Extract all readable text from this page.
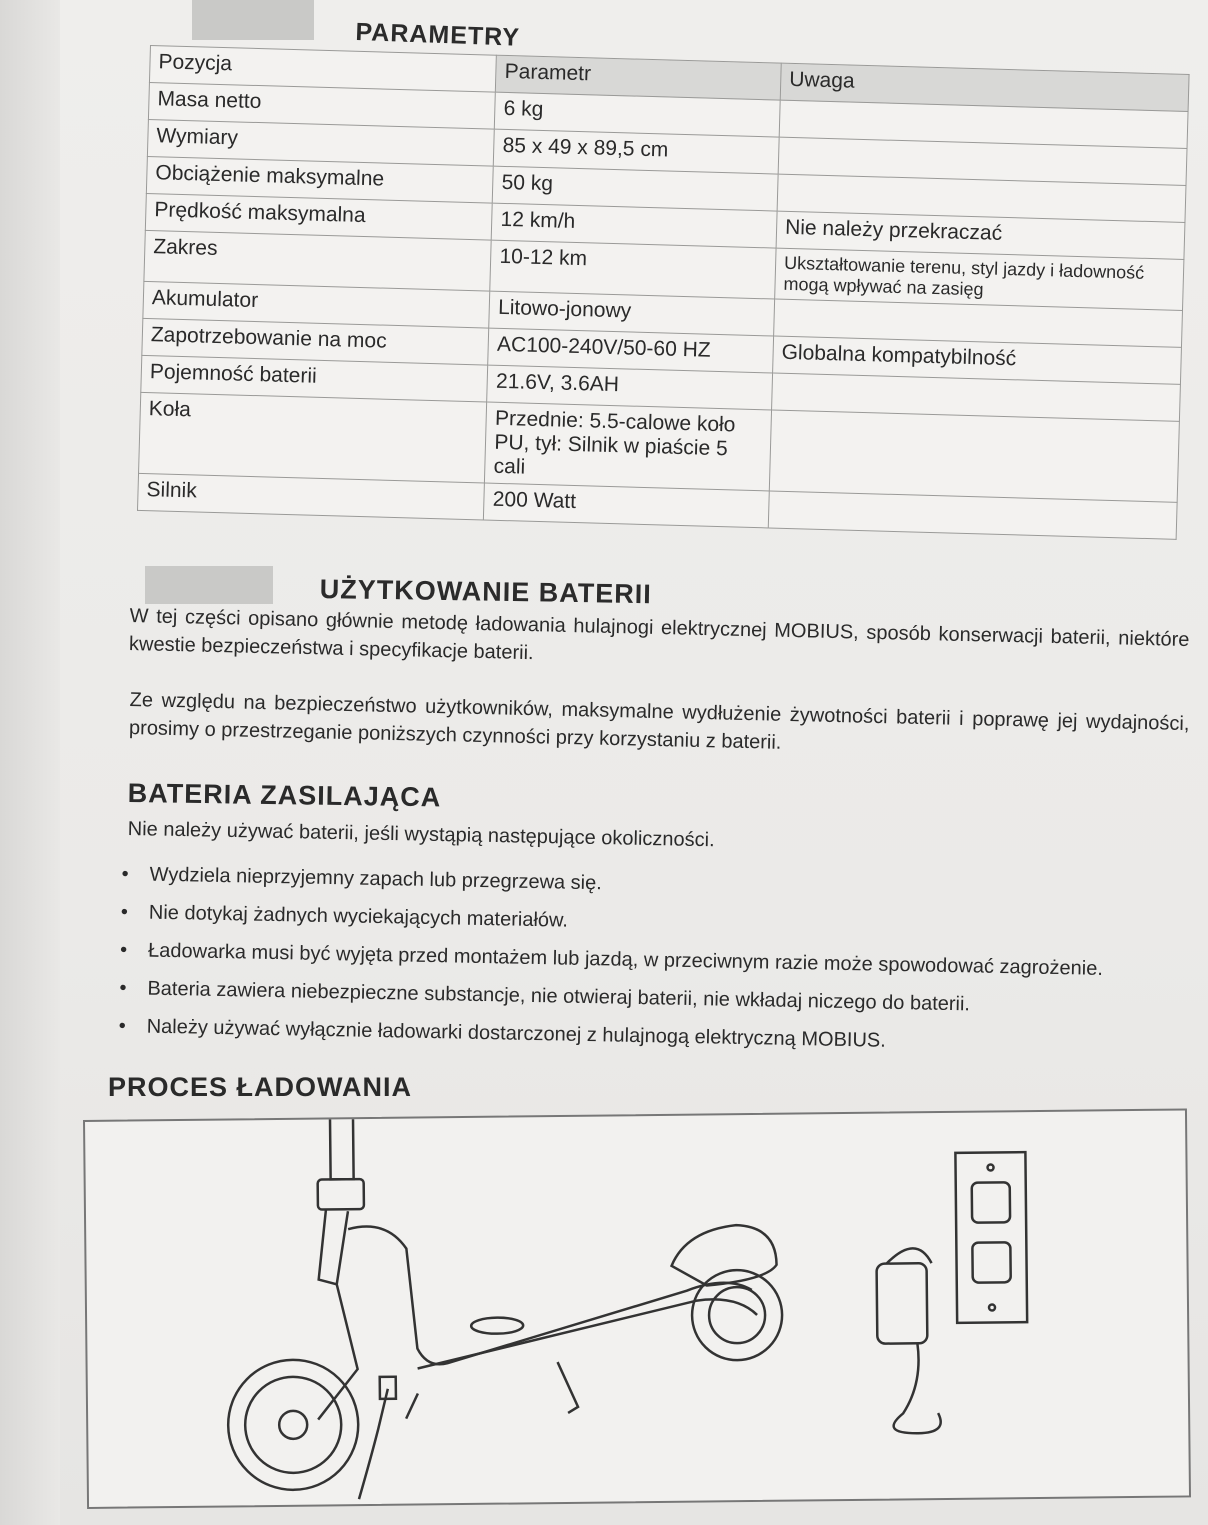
PARAMETRY
Pozycja	Parametr	Uwaga
Masa netto	6 kg	
Wymiary	85 x 49 x 89,5 cm	
Obciążenie maksymalne	50 kg	
Prędkość maksymalna	12 km/h	Nie należy przekraczać
Zakres	10-12 km	Ukształtowanie terenu, styl jazdy i ładowność mogą wpływać na zasięg
Akumulator	Litowo-jonowy	
Zapotrzebowanie na moc	AC100-240V/50-60 HZ	Globalna kompatybilność
Pojemność baterii	21.6V, 3.6AH	
Koła	Przednie: 5.5-calowe koło PU, tył: Silnik w piaście 5 cali	
Silnik	200 Watt	
UŻYTKOWANIE BATERII
W tej części opisano głównie metodę ładowania hulajnogi elektrycznej MOBIUS, sposób konserwacji baterii, niektóre kwestie bezpieczeństwa i specyfikacje baterii.
Ze względu na bezpieczeństwo użytkowników, maksymalne wydłużenie żywotności baterii i poprawę jej wydajności, prosimy o przestrzeganie poniższych czynności przy korzystaniu z baterii.
BATERIA ZASILAJĄCA
Nie należy używać baterii, jeśli wystąpią następujące okoliczności.
• Wydziela nieprzyjemny zapach lub przegrzewa się.
• Nie dotykaj żadnych wyciekających materiałów.
• Ładowarka musi być wyjęta przed montażem lub jazdą, w przeciwnym razie może spowodować zagrożenie.
• Bateria zawiera niebezpieczne substancje, nie otwieraj baterii, nie wkładaj niczego do baterii.
• Należy używać wyłącznie ładowarki dostarczonej z hulajnogą elektryczną MOBIUS.
PROCES ŁADOWANIA
